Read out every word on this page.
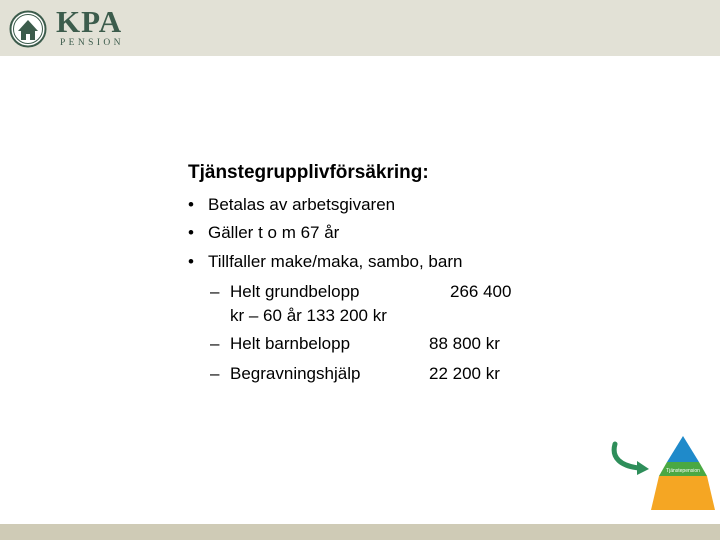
KPA
PENSION
Tjänstegrupplivförsäkring:
• Betalas av arbetsgivaren
• Gäller t o m 67 år
• Tillfaller make/maka, sambo, barn
– Helt grundbelopp	266 400
kr – 60 år 133 200 kr
– Helt barnbelopp	88 800 kr
– Begravningshjälp	22 200 kr
Tjänstepension
